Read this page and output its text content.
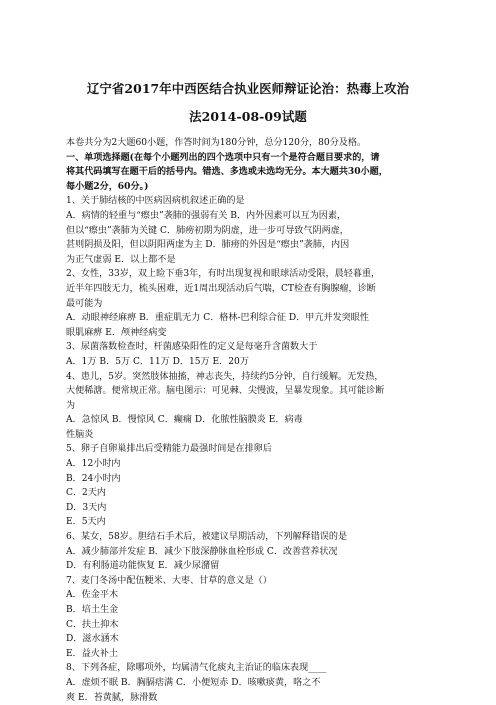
辽宁省2017年中西医结合执业医师辩证论治：热毒上攻治
法2014-08-09试题
本卷共分为2大题60小题，作答时间为180分钟，总分120分，80分及格。
一、单项选择题(在每个小题列出的四个选项中只有一个是符合题目要求的，请
将其代码填写在题干后的括号内。错选、多选或未选均无分。本大题共30小题，
每小题2分，60分。)
1、关于肺结核的中医病因病机叙述正确的是
A．病情的轻重与“瘵虫”袭肺的强弱有关 B．内外因素可以互为因素，
但以“瘵虫”袭肺为关键 C．肺痨初期为阴虚，进一步可导致气阴两虚，
甚则阴损及阳，但以阴阳两虚为主 D．肺痨的外因是“瘵虫”袭肺，内因
为正气虚弱 E．以上都不是
2、女性，33岁，双上睑下垂3年，有时出现复视和眼球活动受限，晨轻暮重，
近半年四肢无力，梳头困难，近1周出现活动后气喘，CT检查有胸腺瘤，诊断
最可能为
A．动眼神经麻痹 B．重症肌无力 C．格林-巴利综合征 D．甲亢并发突眼性
眼肌麻痹 E．颅神经病变
3、尿菌落数检查时，杆菌感染阳性的定义是每毫升含菌数大于
A．1万 B．5万 C．11万 D．15万 E．20万
4、患儿，5岁。突然肢体抽搐，神志丧失，持续约5分钟，自行缓解。无发热，
大便稀溏。便常规正常。脑电图示：可见棘、尖慢波，呈暴发现象。其可能诊断
为
A．急惊风 B．慢惊风 C．癫痫 D．化脓性脑膜炎 E．病毒
性脑炎
5、卵子自卵巢排出后受精能力最强时间是在排卵后
A．12小时内
B．24小时内
C．2天内
D．3天内
E．5天内
6、某女，58岁。胆结石手术后，被建议早期活动，下列解释错误的是
A．减少肺部并发症 B．减少下肢深静脉血栓形成 C．改善营养状况
D．有利肠道功能恢复 E．减少尿潴留
7、麦门冬汤中配伍粳米、大枣、甘草的意义是（）
A．佐金平木
B．培土生金
C．扶土抑木
D．滋水涵木
E．益火补土
8、下列各症，除哪项外，均属清气化痰丸主治证的临床表现____
A．虚烦不眠 B．胸膈痞满 C．小便短赤 D．咳嗽痰黄，咯之不
爽 E．苔黄腻，脉滑数
